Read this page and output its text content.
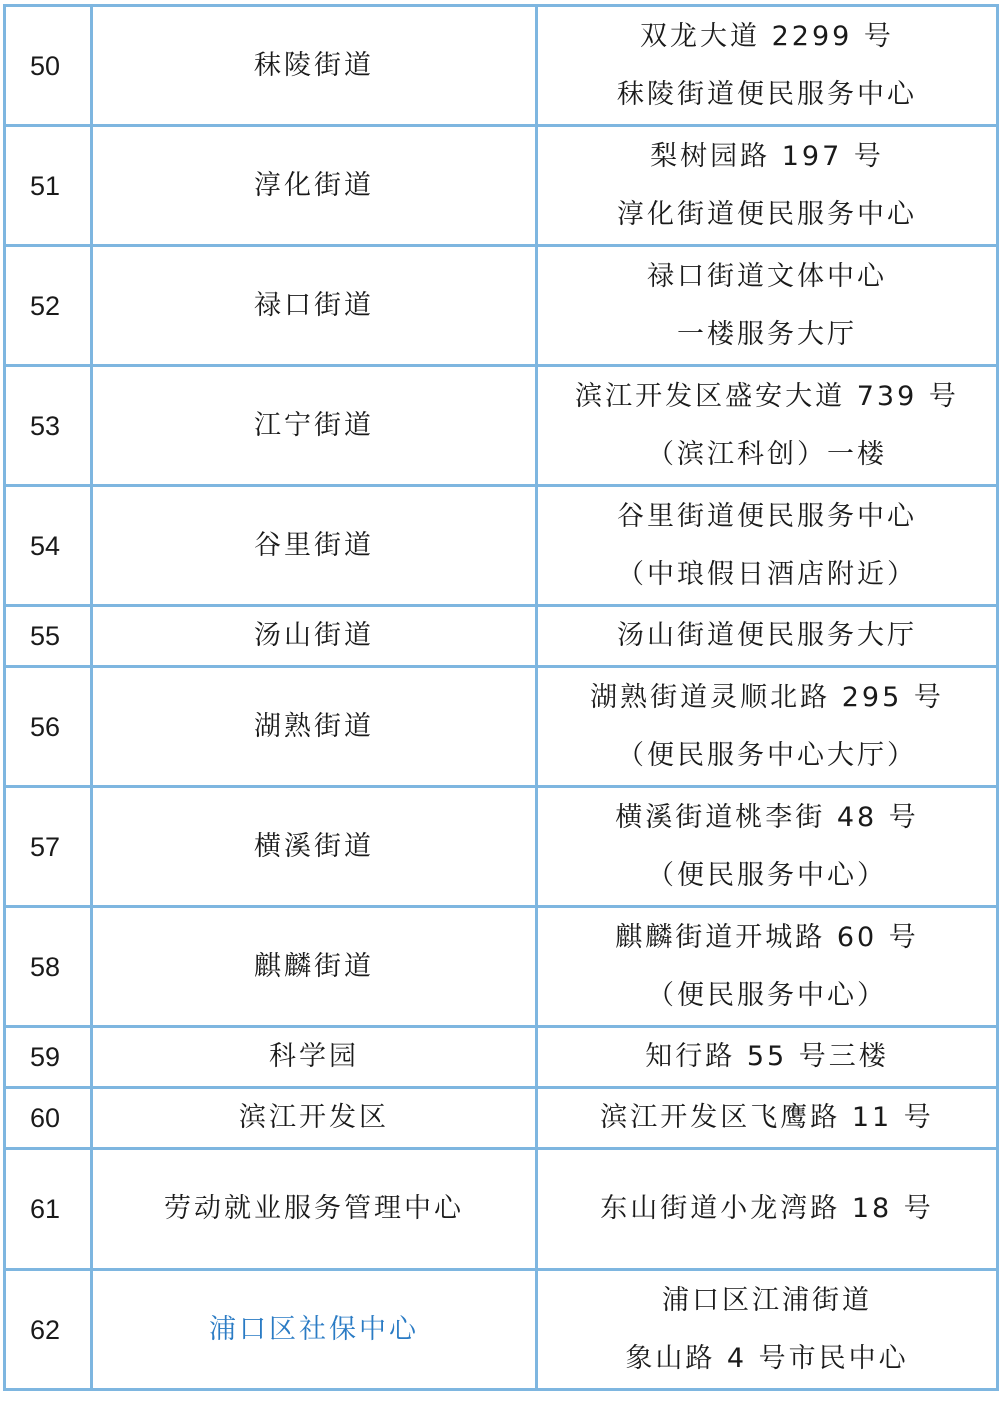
50	秣陵街道	双龙大道 2299 号
秣陵街道便民服务中心

51	淳化街道	梨树园路 197 号
淳化街道便民服务中心

52	禄口街道	禄口街道文体中心
一楼服务大厅

53	江宁街道	滨江开发区盛安大道 739 号
（滨江科创）一楼

54	谷里街道	谷里街道便民服务中心
（中琅假日酒店附近）

55	汤山街道	汤山街道便民服务大厅

56	湖熟街道	湖熟街道灵顺北路 295 号
（便民服务中心大厅）

57	横溪街道	横溪街道桃李街 48 号
（便民服务中心）

58	麒麟街道	麒麟街道开城路 60 号
（便民服务中心）

59	科学园	知行路 55 号三楼

60	滨江开发区	滨江开发区飞鹰路 11 号

61	劳动就业服务管理中心	东山街道小龙湾路 18 号

62	浦口区社保中心	浦口区江浦街道
象山路 4 号市民中心
